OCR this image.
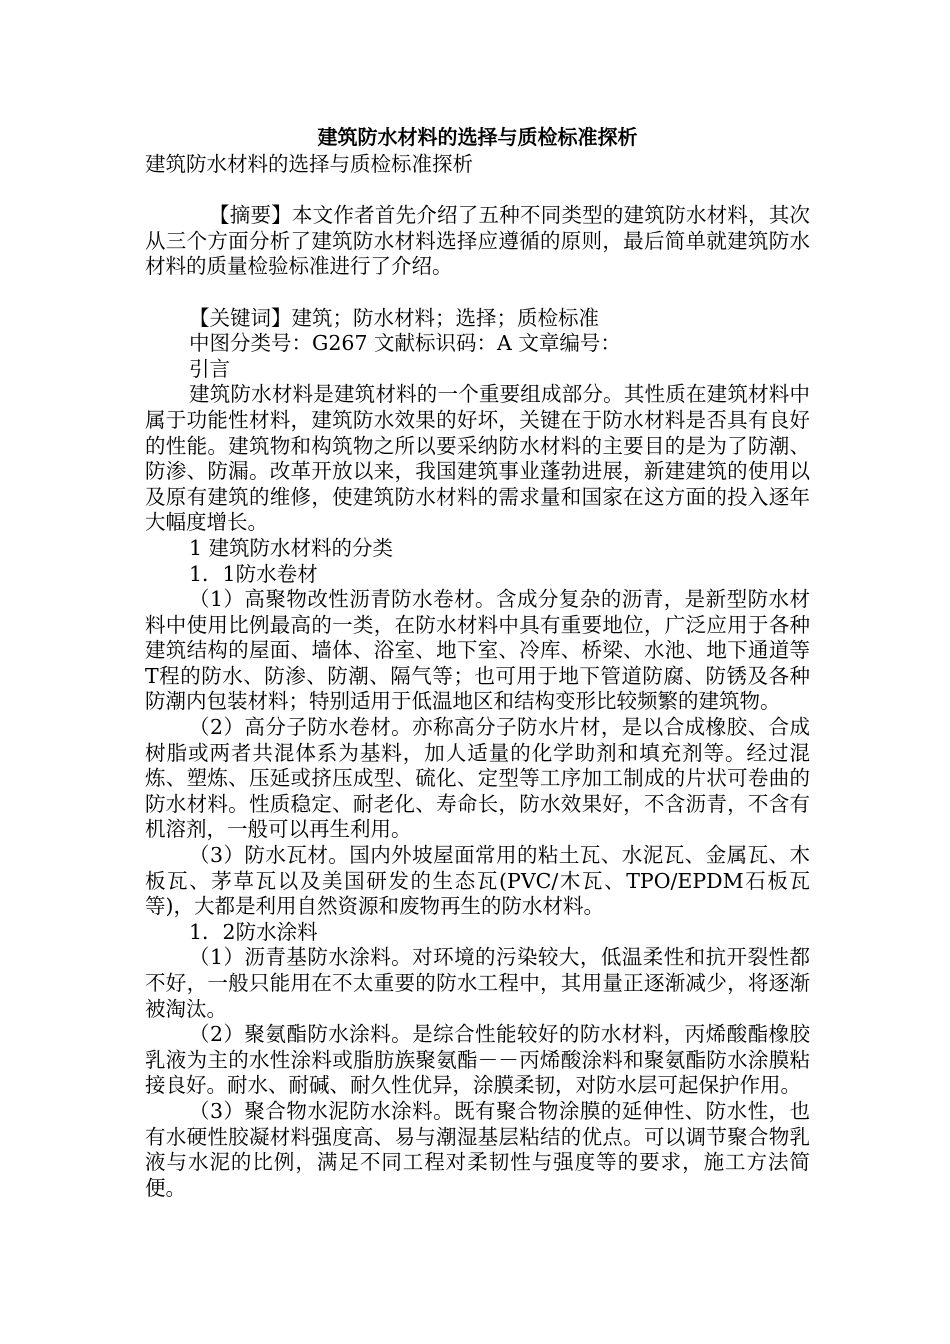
建筑防水材料的选择与质检标准探析

建筑防水材料的选择与质检标准探析

【摘要】本文作者首先介绍了五种不同类型的建筑防水材料，其次从三个方面分析了建筑防水材料选择应遵循的原则，最后简单就建筑防水材料的质量检验标准进行了介绍。

【关键词】建筑；防水材料；选择；质检标准

中图分类号：G267 文献标识码：A 文章编号：

引言

建筑防水材料是建筑材料的一个重要组成部分。其性质在建筑材料中属于功能性材料，建筑防水效果的好坏，关键在于防水材料是否具有良好的性能。建筑物和构筑物之所以要采纳防水材料的主要目的是为了防潮、防渗、防漏。改革开放以来，我国建筑事业蓬勃进展，新建建筑的使用以及原有建筑的维修，使建筑防水材料的需求量和国家在这方面的投入逐年大幅度增长。

1 建筑防水材料的分类

1．1防水卷材

（1）高聚物改性沥青防水卷材。含成分复杂的沥青，是新型防水材料中使用比例最高的一类，在防水材料中具有重要地位，广泛应用于各种建筑结构的屋面、墙体、浴室、地下室、冷库、桥梁、水池、地下通道等T程的防水、防渗、防潮、隔气等；也可用于地下管道防腐、防锈及各种防潮内包装材料；特别适用于低温地区和结构变形比较频繁的建筑物。

（2）高分子防水卷材。亦称高分子防水片材，是以合成橡胶、合成树脂或两者共混体系为基料，加人适量的化学助剂和填充剂等。经过混炼、塑炼、压延或挤压成型、硫化、定型等工序加工制成的片状可卷曲的防水材料。性质稳定、耐老化、寿命长，防水效果好，不含沥青，不含有机溶剂，一般可以再生利用。

（3）防水瓦材。国内外坡屋面常用的粘土瓦、水泥瓦、金属瓦、木板瓦、茅草瓦以及美国研发的生态瓦(PVC/木瓦、TPO/EPDM石板瓦等)，大都是利用自然资源和废物再生的防水材料。

1．2防水涂料

（1）沥青基防水涂料。对环境的污染较大，低温柔性和抗开裂性都不好，一般只能用在不太重要的防水工程中，其用量正逐渐减少，将逐渐被淘汰。

（2）聚氨酯防水涂料。是综合性能较好的防水材料，丙烯酸酯橡胶乳液为主的水性涂料或脂肪族聚氨酯－－丙烯酸涂料和聚氨酯防水涂膜粘接良好。耐水、耐碱、耐久性优异，涂膜柔韧，对防水层可起保护作用。

（3）聚合物水泥防水涂料。既有聚合物涂膜的延伸性、防水性，也有水硬性胶凝材料强度高、易与潮湿基层粘结的优点。可以调节聚合物乳液与水泥的比例，满足不同工程对柔韧性与强度等的要求，施工方法简便。
